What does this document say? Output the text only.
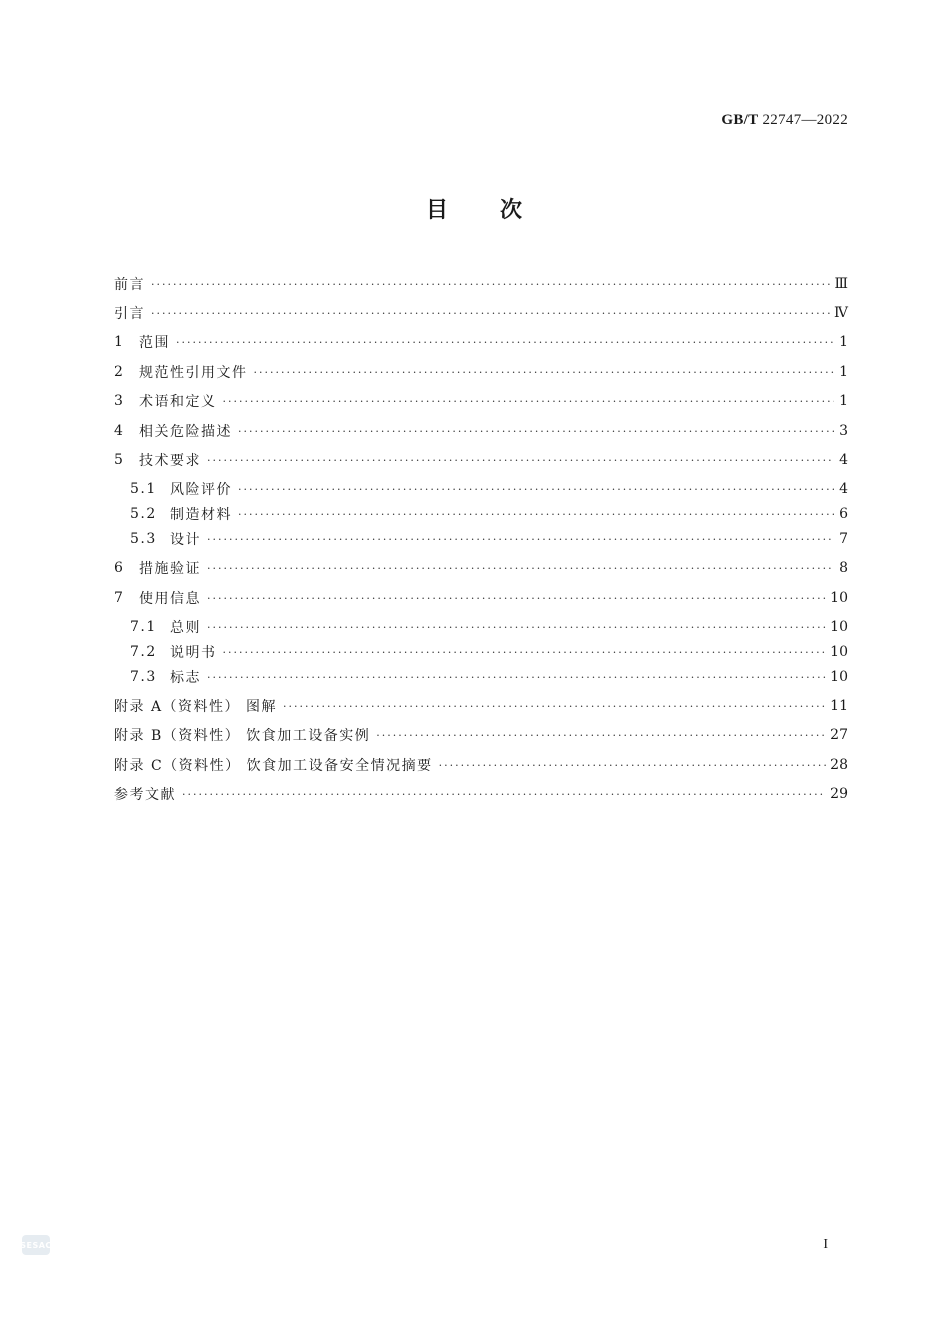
GB/T 22747—2022
目 次
前言 ·····	Ⅲ
引言 ·····	Ⅳ
1	范围 ·····	1
2	规范性引用文件 ·····	1
3	术语和定义 ·····	1
4	相关危险描述 ·····	3
5	技术要求 ·····	4
5.1 风险评价 ·····	4
5.2 制造材料 ·····	6
5.3 设计 ·····	7
6	措施验证 ·····	8
7	使用信息 ·····	10
7.1 总则 ·····	10
7.2 说明书 ·····	10
7.3 标志 ·····	10
附录 A（资料性） 图解 ·····	11
附录 B（资料性） 饮食加工设备实例 ·····	27
附录 C（资料性） 饮食加工设备安全情况摘要 ·····	28
参考文献 ·····	29
SESAC	I
